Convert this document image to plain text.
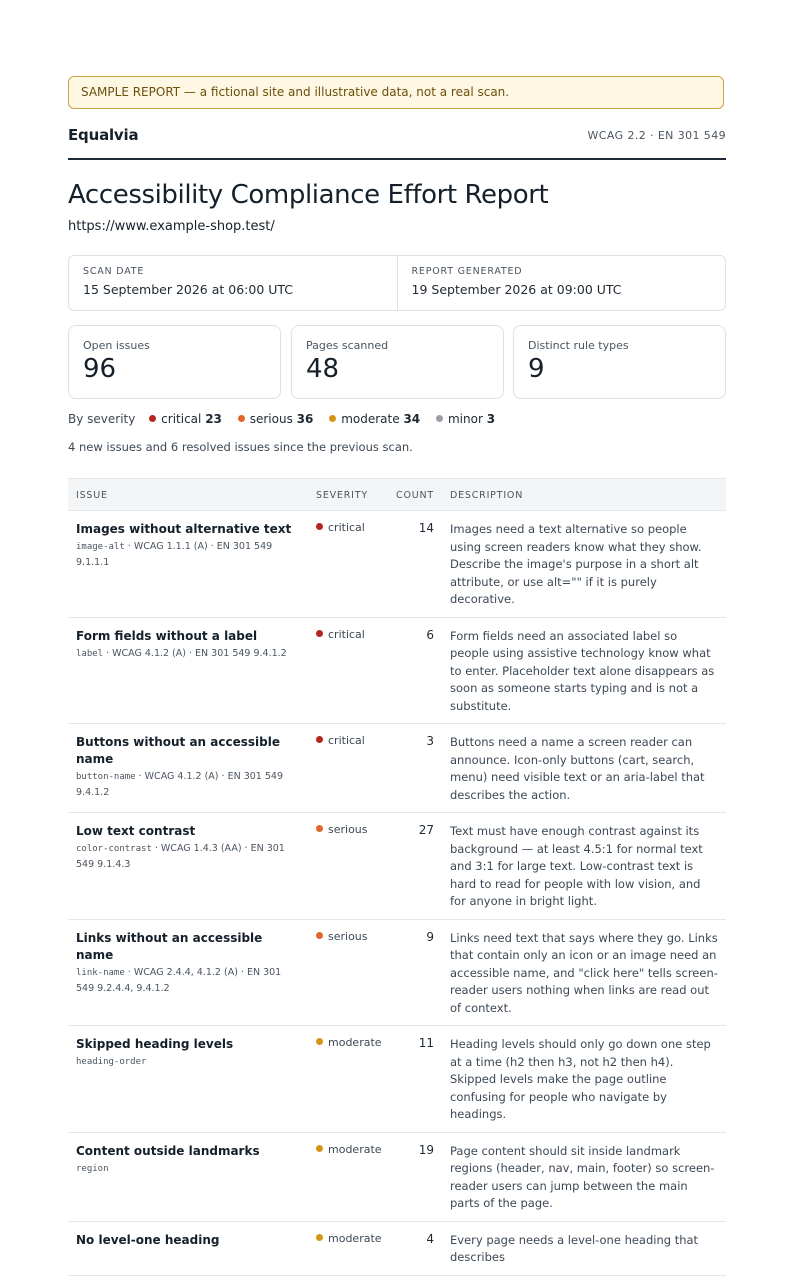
SAMPLE REPORT — a fictional site and illustrative data, not a real scan.
Equalvia	WCAG 2.2 · EN 301 549
Accessibility Compliance Effort Report
https://www.example-shop.test/
SCAN DATE
15 September 2026 at 06:00 UTC
REPORT GENERATED
19 September 2026 at 09:00 UTC
Open issues
96
Pages scanned
48
Distinct rule types
9
By severity critical 23 serious 36 moderate 34 minor 3
4 new issues and 6 resolved issues since the previous scan.
ISSUE	SEVERITY	COUNT	DESCRIPTION

Images without alternative text
image-alt · WCAG 1.1.1 (A) · EN 301 549 9.1.1.1	critical	14	Images need a text alternative so people using screen readers know what they show. Describe the image's purpose in a short alt attribute, or use alt="" if it is purely decorative.

Form fields without a label
label · WCAG 4.1.2 (A) · EN 301 549 9.4.1.2	critical	6	Form fields need an associated label so people using assistive technology know what to enter. Placeholder text alone disappears as soon as someone starts typing and is not a substitute.

Buttons without an accessible name
button-name · WCAG 4.1.2 (A) · EN 301 549 9.4.1.2	critical	3	Buttons need a name a screen reader can announce. Icon-only buttons (cart, search, menu) need visible text or an aria-label that describes the action.

Low text contrast
color-contrast · WCAG 1.4.3 (AA) · EN 301 549 9.1.4.3	serious	27	Text must have enough contrast against its background — at least 4.5:1 for normal text and 3:1 for large text. Low-contrast text is hard to read for people with low vision, and for anyone in bright light.

Links without an accessible name
link-name · WCAG 2.4.4, 4.1.2 (A) · EN 301 549 9.2.4.4, 9.4.1.2	serious	9	Links need text that says where they go. Links that contain only an icon or an image need an accessible name, and "click here" tells screen-reader users nothing when links are read out of context.

Skipped heading levels
heading-order	moderate	11	Heading levels should only go down one step at a time (h2 then h3, not h2 then h4). Skipped levels make the page outline confusing for people who navigate by headings.

Content outside landmarks
region	moderate	19	Page content should sit inside landmark regions (header, nav, main, footer) so screen-reader users can jump between the main parts of the page.

No level-one heading	moderate	4	Every page needs a level-one heading that describes
